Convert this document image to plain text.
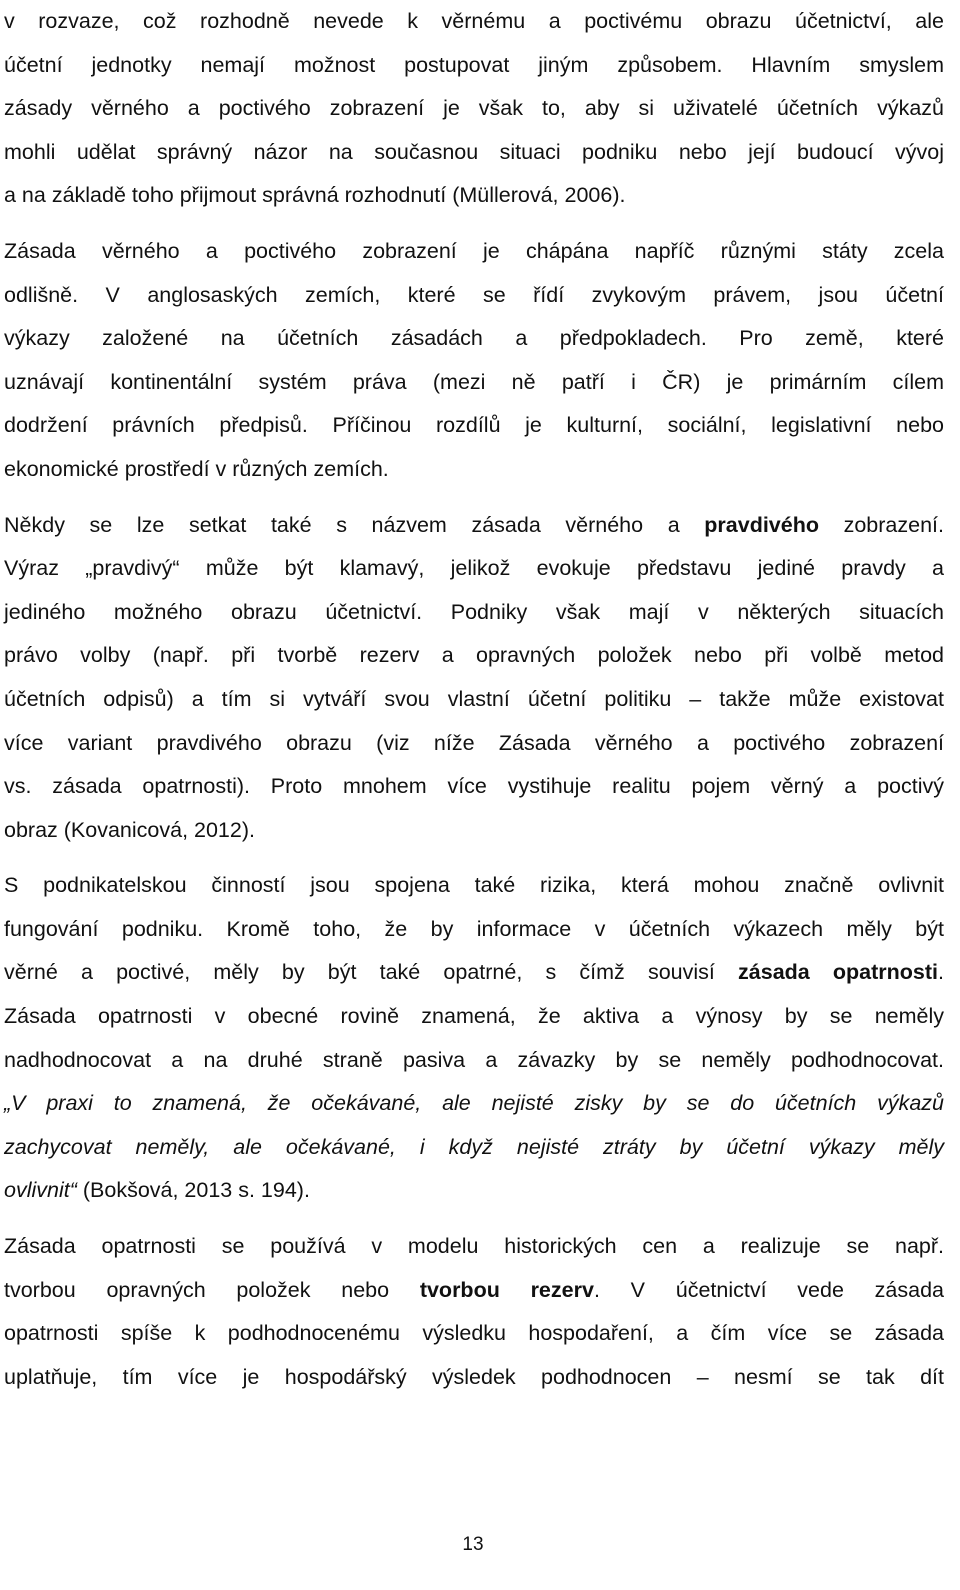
v rozvaze, což rozhodně nevede k věrnému a poctivému obrazu účetnictví, ale
účetní jednotky nemají možnost postupovat jiným způsobem. Hlavním smyslem
zásady věrného a poctivého zobrazení je však to, aby si uživatelé účetních výkazů
mohli udělat správný názor na současnou situaci podniku nebo její budoucí vývoj
a na základě toho přijmout správná rozhodnutí (Müllerová, 2006).

Zásada věrného a poctivého zobrazení je chápána napříč různými státy zcela
odlišně. V anglosaských zemích, které se řídí zvykovým právem, jsou účetní
výkazy založené na účetních zásadách a předpokladech. Pro země, které
uznávají kontinentální systém práva (mezi ně patří i ČR) je primárním cílem
dodržení právních předpisů. Příčinou rozdílů je kulturní, sociální, legislativní nebo
ekonomické prostředí v různých zemích.

Někdy se lze setkat také s názvem zásada věrného a pravdivého zobrazení.
Výraz „pravdivý“ může být klamavý, jelikož evokuje představu jediné pravdy a
jediného možného obrazu účetnictví. Podniky však mají v některých situacích
právo volby (např. při tvorbě rezerv a opravných položek nebo při volbě metod
účetních odpisů) a tím si vytváří svou vlastní účetní politiku – takže může existovat
více variant pravdivého obrazu (viz níže Zásada věrného a poctivého zobrazení
vs. zásada opatrnosti). Proto mnohem více vystihuje realitu pojem věrný a poctivý
obraz (Kovanicová, 2012).

S podnikatelskou činností jsou spojena také rizika, která mohou značně ovlivnit
fungování podniku. Kromě toho, že by informace v účetních výkazech měly být
věrné a poctivé, měly by být také opatrné, s čímž souvisí zásada opatrnosti.
Zásada opatrnosti v obecné rovině znamená, že aktiva a výnosy by se neměly
nadhodnocovat a na druhé straně pasiva a závazky by se neměly podhodnocovat.
„V praxi to znamená, že očekávané, ale nejisté zisky by se do účetních výkazů
zachycovat neměly, ale očekávané, i když nejisté ztráty by účetní výkazy měly
ovlivnit“ (Bokšová, 2013 s. 194).

Zásada opatrnosti se používá v modelu historických cen a realizuje se např.
tvorbou opravných položek nebo tvorbou rezerv. V účetnictví vede zásada
opatrnosti spíše k podhodnocenému výsledku hospodaření, a čím více se zásada
uplatňuje, tím více je hospodářský výsledek podhodnocen – nesmí se tak dít

13
